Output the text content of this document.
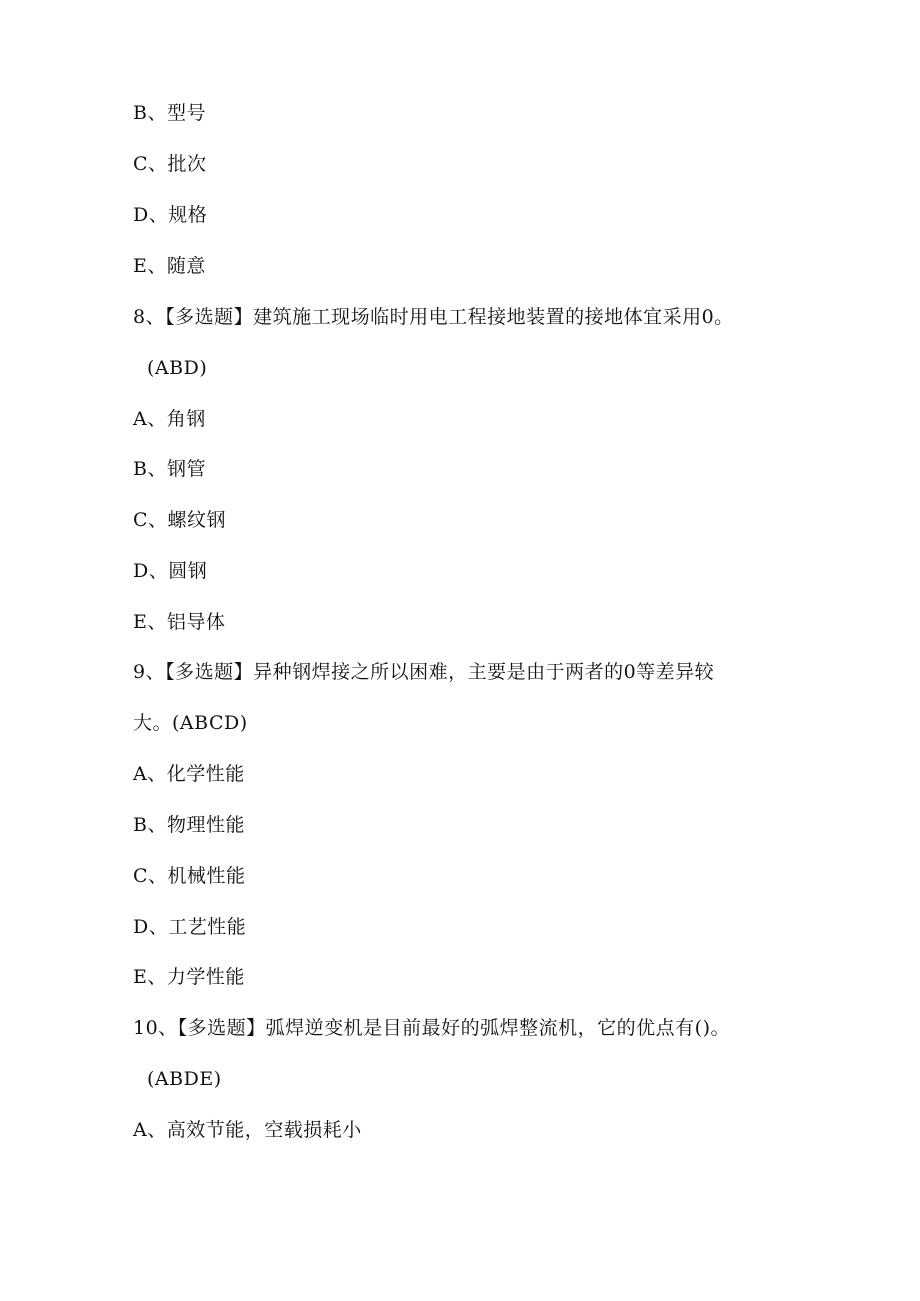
B、型号
C、批次
D、规格
E、随意
8、【多选题】建筑施工现场临时用电工程接地装置的接地体宜采用0。
(ABD)
A、角钢
B、钢管
C、螺纹钢
D、圆钢
E、铝导体
9、【多选题】异种钢焊接之所以困难，主要是由于两者的0等差异较
大。(ABCD)
A、化学性能
B、物理性能
C、机械性能
D、工艺性能
E、力学性能
10、【多选题】弧焊逆变机是目前最好的弧焊整流机，它的优点有()。
(ABDE)
A、高效节能，空载损耗小
